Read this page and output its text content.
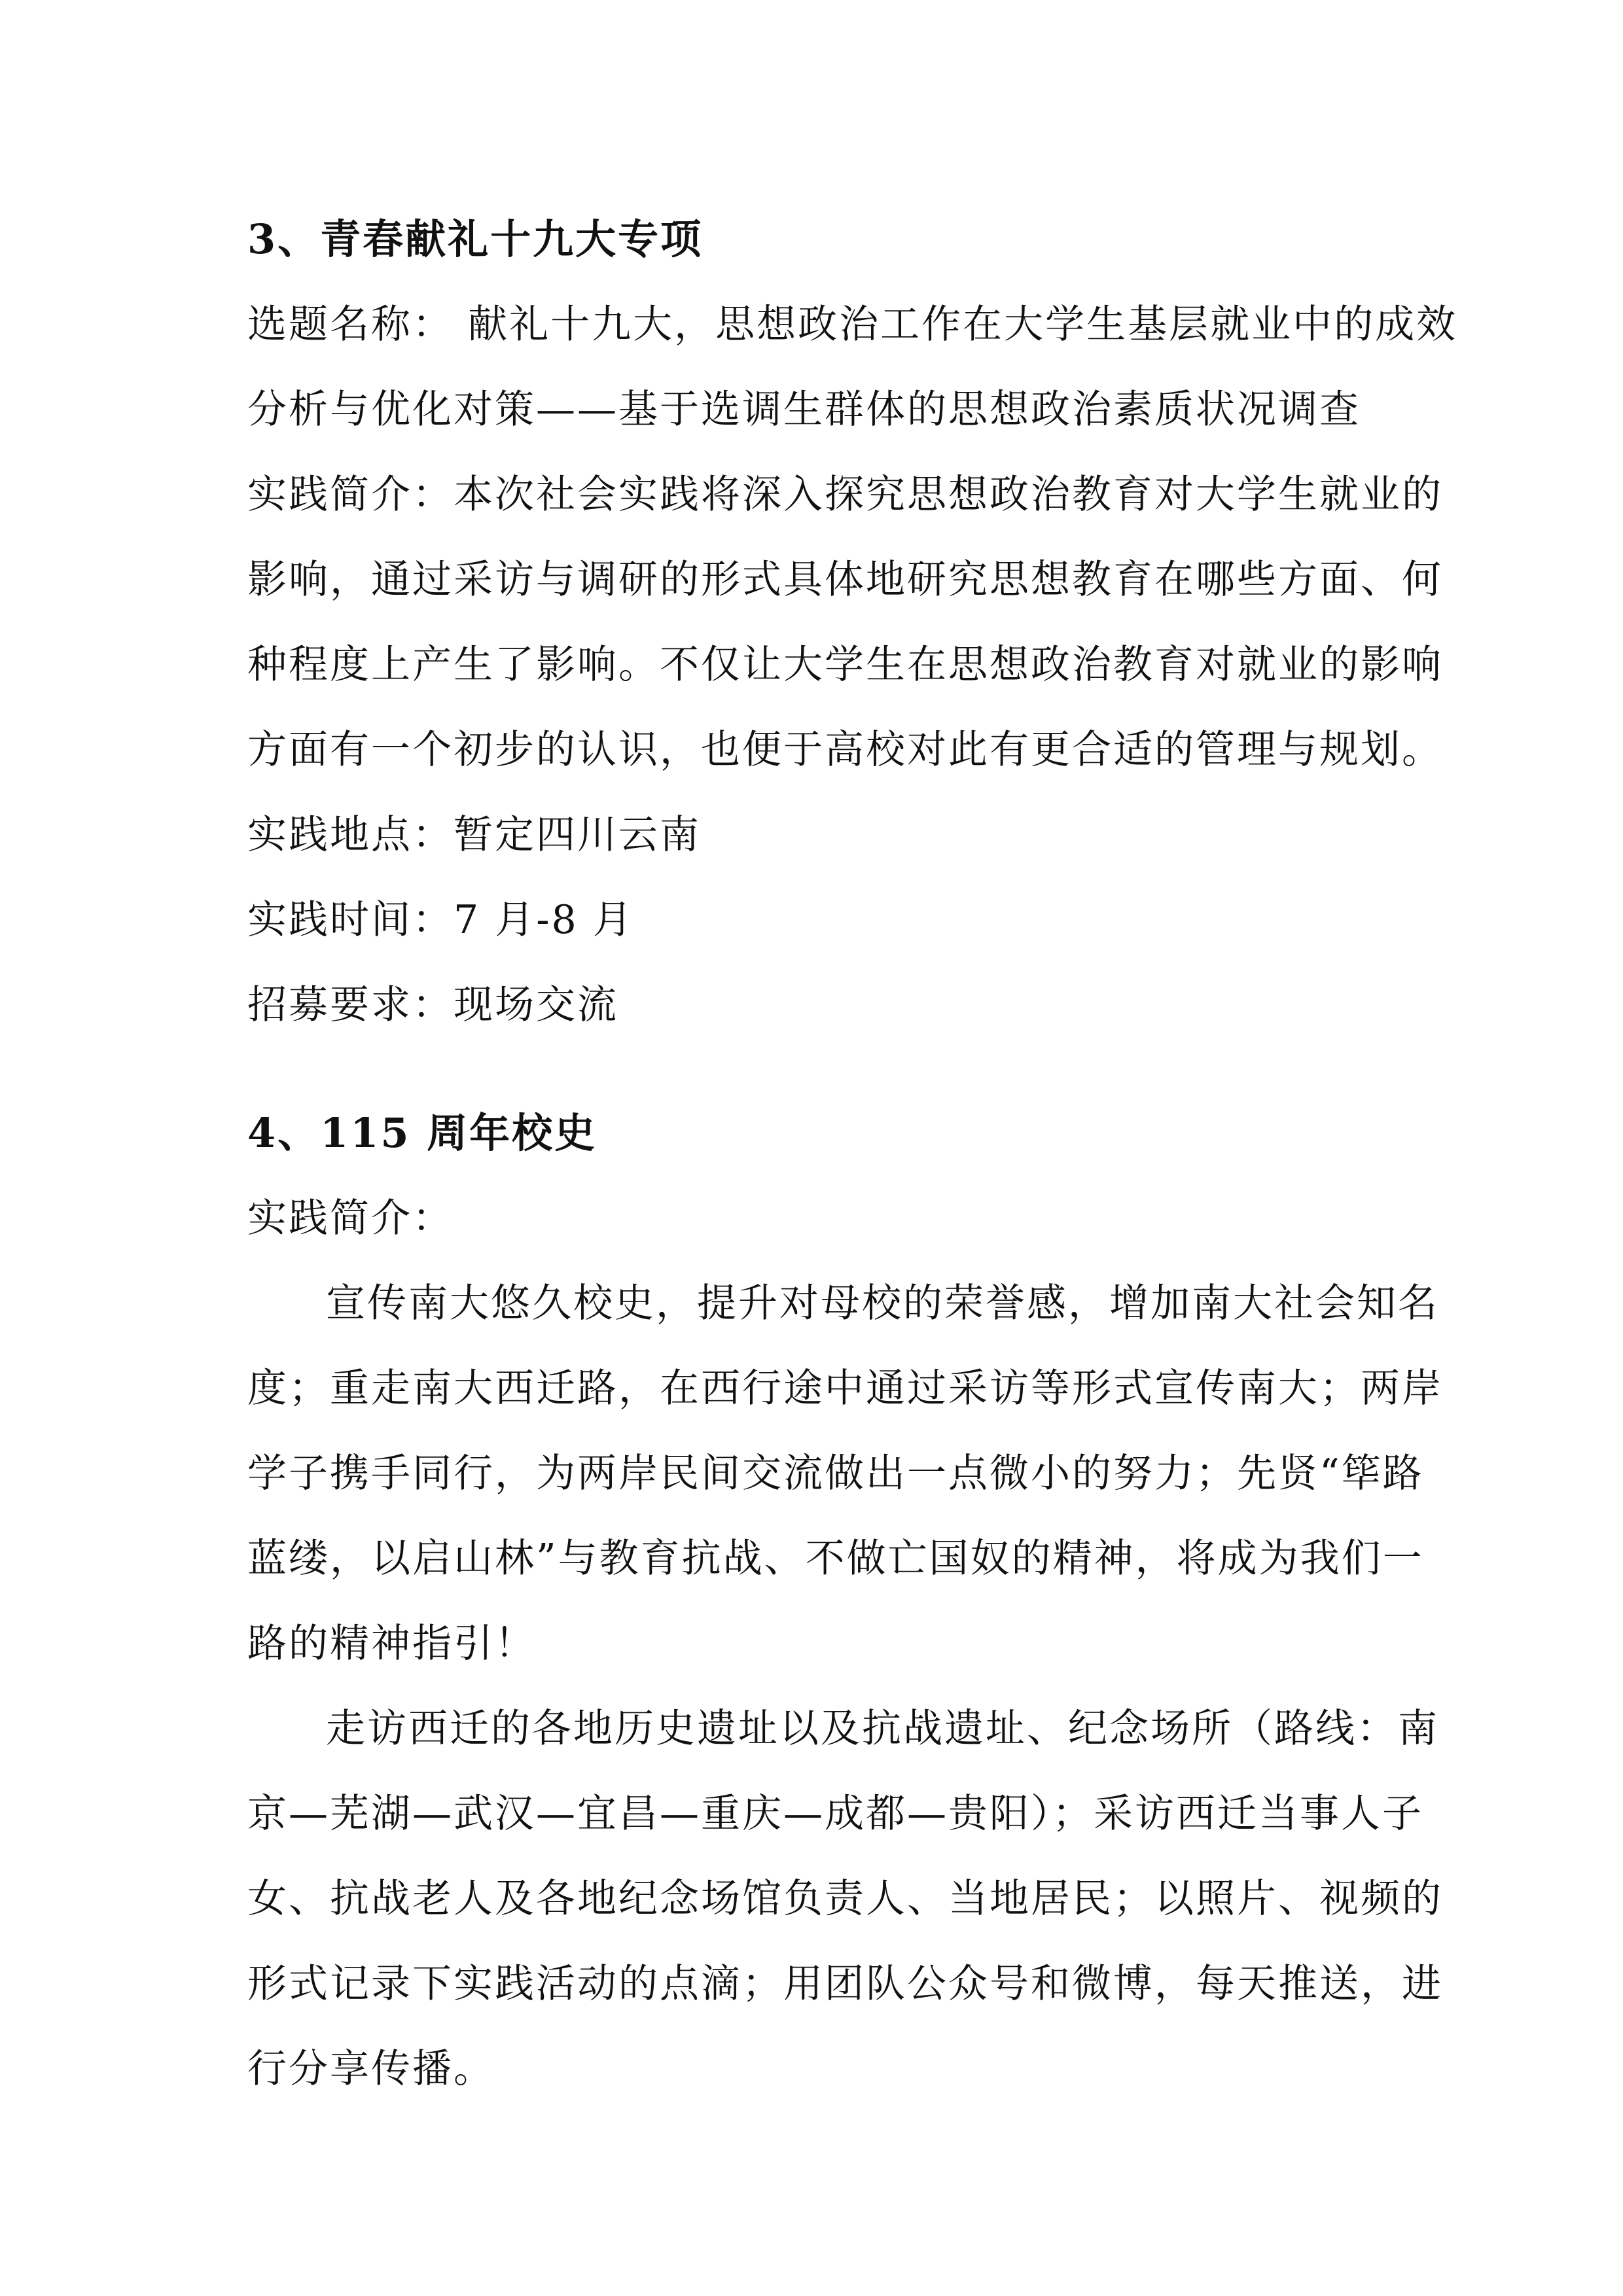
3、青春献礼十九大专项
选题名称： 献礼十九大，思想政治工作在大学生基层就业中的成效
分析与优化对策——基于选调生群体的思想政治素质状况调查
实践简介：本次社会实践将深入探究思想政治教育对大学生就业的
影响，通过采访与调研的形式具体地研究思想教育在哪些方面、何
种程度上产生了影响。不仅让大学生在思想政治教育对就业的影响
方面有一个初步的认识，也便于高校对此有更合适的管理与规划。
实践地点：暂定四川云南
实践时间：7 月-8 月
招募要求：现场交流
4、115 周年校史
实践简介：
宣传南大悠久校史，提升对母校的荣誉感，增加南大社会知名
度；重走南大西迁路，在西行途中通过采访等形式宣传南大；两岸
学子携手同行，为两岸民间交流做出一点微小的努力；先贤“筚路
蓝缕，以启山林”与教育抗战、不做亡国奴的精神，将成为我们一
路的精神指引！
走访西迁的各地历史遗址以及抗战遗址、纪念场所（路线：南
京—芜湖—武汉—宜昌—重庆—成都—贵阳）；采访西迁当事人子
女、抗战老人及各地纪念场馆负责人、当地居民；以照片、视频的
形式记录下实践活动的点滴；用团队公众号和微博，每天推送，进
行分享传播。
